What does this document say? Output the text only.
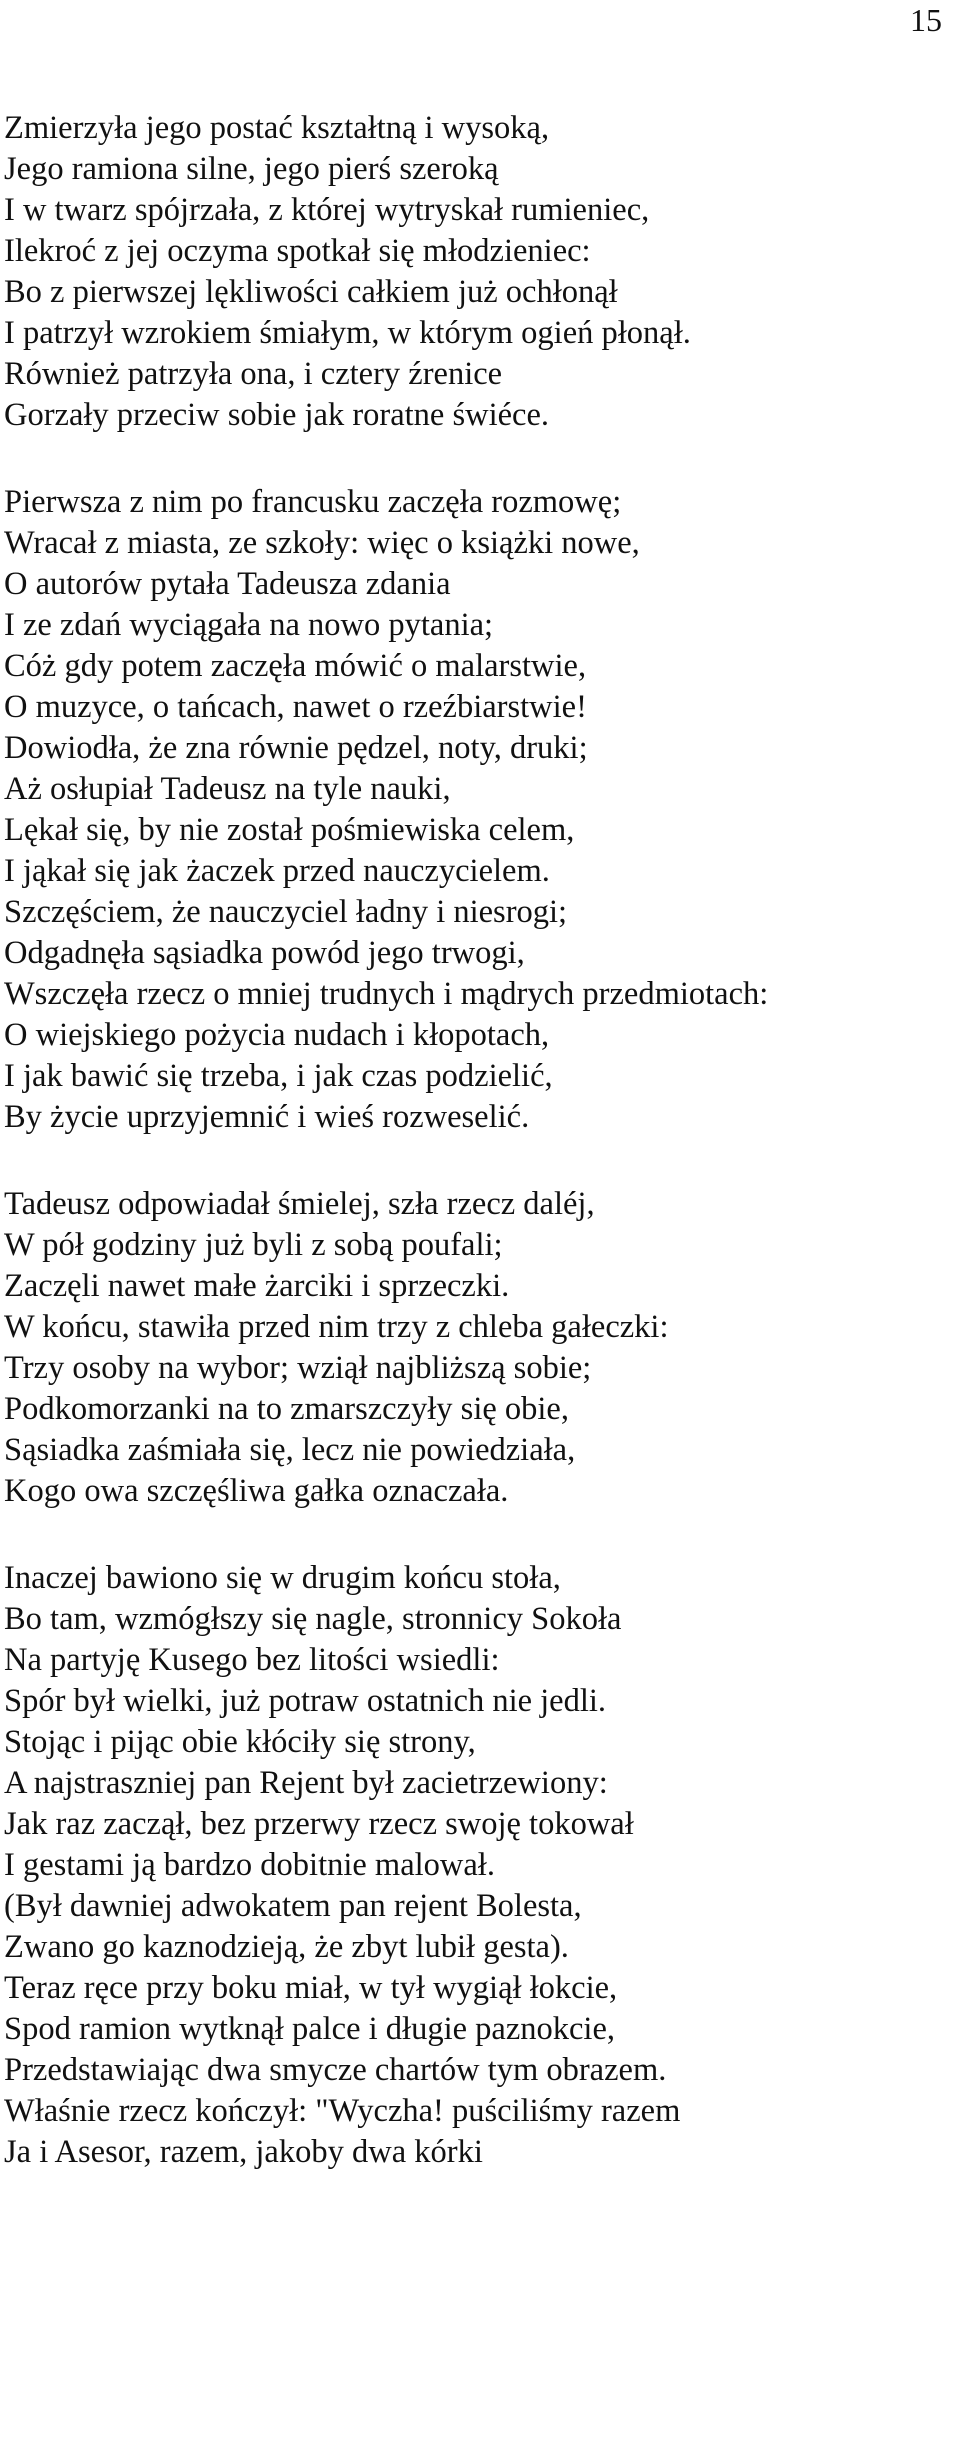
15
Zmierzyła jego postać kształtną i wysoką,
Jego ramiona silne, jego pierś szeroką
I w twarz spójrzała, z której wytryskał rumieniec,
Ilekroć z jej oczyma spotkał się młodzieniec:
Bo z pierwszej lękliwości całkiem już ochłonął
I patrzył wzrokiem śmiałym, w którym ogień płonął.
Również patrzyła ona, i cztery źrenice
Gorzały przeciw sobie jak roratne świéce.
Pierwsza z nim po francusku zaczęła rozmowę;
Wracał z miasta, ze szkoły: więc o książki nowe,
O autorów pytała Tadeusza zdania
I ze zdań wyciągała na nowo pytania;
Cóż gdy potem zaczęła mówić o malarstwie,
O muzyce, o tańcach, nawet o rzeźbiarstwie!
Dowiodła, że zna równie pędzel, noty, druki;
Aż osłupiał Tadeusz na tyle nauki,
Lękał się, by nie został pośmiewiska celem,
I jąkał się jak żaczek przed nauczycielem.
Szczęściem, że nauczyciel ładny i niesrogi;
Odgadnęła sąsiadka powód jego trwogi,
Wszczęła rzecz o mniej trudnych i mądrych przedmiotach:
O wiejskiego pożycia nudach i kłopotach,
I jak bawić się trzeba, i jak czas podzielić,
By życie uprzyjemnić i wieś rozweselić.
Tadeusz odpowiadał śmielej, szła rzecz daléj,
W pół godziny już byli z sobą poufali;
Zaczęli nawet małe żarciki i sprzeczki.
W końcu, stawiła przed nim trzy z chleba gałeczki:
Trzy osoby na wybor; wziął najbliższą sobie;
Podkomorzanki na to zmarszczyły się obie,
Sąsiadka zaśmiała się, lecz nie powiedziała,
Kogo owa szczęśliwa gałka oznaczała.
Inaczej bawiono się w drugim końcu stoła,
Bo tam, wzmógłszy się nagle, stronnicy Sokoła
Na partyję Kusego bez litości wsiedli:
Spór był wielki, już potraw ostatnich nie jedli.
Stojąc i pijąc obie kłóciły się strony,
A najstraszniej pan Rejent był zacietrzewiony:
Jak raz zaczął, bez przerwy rzecz swoję tokował
I gestami ją bardzo dobitnie malował.
(Był dawniej adwokatem pan rejent Bolesta,
Zwano go kaznodzieją, że zbyt lubił gesta).
Teraz ręce przy boku miał, w tył wygiął łokcie,
Spod ramion wytknął palce i długie paznokcie,
Przedstawiając dwa smycze chartów tym obrazem.
Właśnie rzecz kończył: "Wyczha! puściliśmy razem
Ja i Asesor, razem, jakoby dwa kórki
